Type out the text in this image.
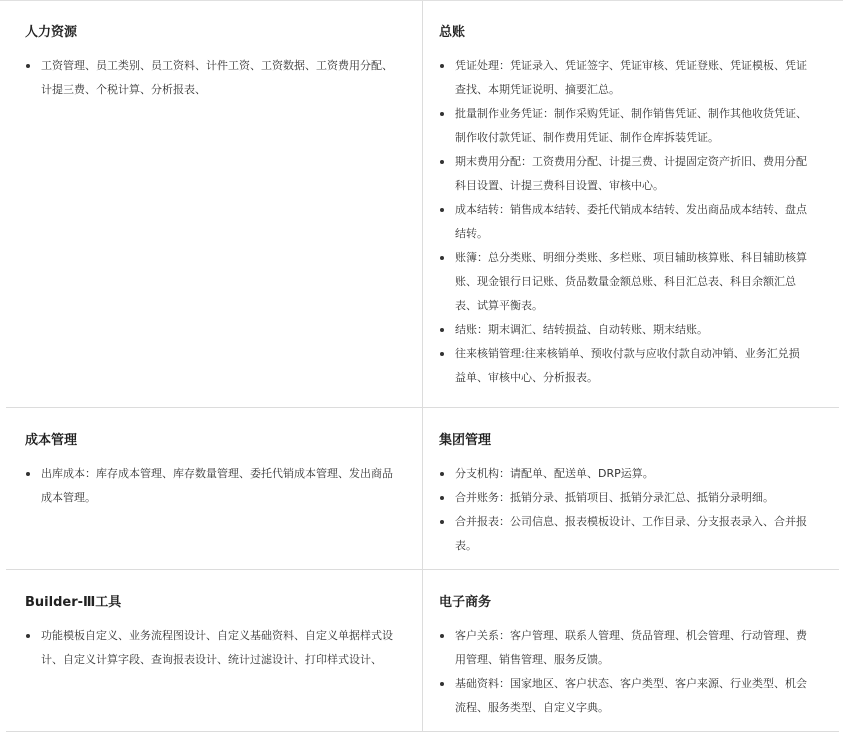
人力资源
工资管理、员工类别、员工资料、计件工资、工资数据、工资费用分配、计提三费、个税计算、分析报表、
总账
凭证处理：凭证录入、凭证签字、凭证审核、凭证登账、凭证模板、凭证查找、本期凭证说明、摘要汇总。
批量制作业务凭证：制作采购凭证、制作销售凭证、制作其他收货凭证、制作收付款凭证、制作费用凭证、制作仓库拆装凭证。
期末费用分配：工资费用分配、计提三费、计提固定资产折旧、费用分配科目设置、计提三费科目设置、审核中心。
成本结转：销售成本结转、委托代销成本结转、发出商品成本结转、盘点结转。
账簿：总分类账、明细分类账、多栏账、项目辅助核算账、科目辅助核算账、现金银行日记账、货品数量金额总账、科目汇总表、科目余额汇总表、试算平衡表。
结账：期末调汇、结转损益、自动转账、期末结账。
往来核销管理:往来核销单、预收付款与应收付款自动冲销、业务汇兑损益单、审核中心、分析报表。
成本管理
出库成本：库存成本管理、库存数量管理、委托代销成本管理、发出商品成本管理。
集团管理
分支机构：请配单、配送单、DRP运算。
合并账务：抵销分录、抵销项目、抵销分录汇总、抵销分录明细。
合并报表：公司信息、报表模板设计、工作目录、分支报表录入、合并报表。
Builder-Ⅲ工具
功能模板自定义、业务流程图设计、自定义基础资料、自定义单据样式设计、自定义计算字段、查询报表设计、统计过滤设计、打印样式设计、
电子商务
客户关系：客户管理、联系人管理、货品管理、机会管理、行动管理、费用管理、销售管理、服务反馈。
基础资料：国家地区、客户状态、客户类型、客户来源、行业类型、机会流程、服务类型、自定义字典。
